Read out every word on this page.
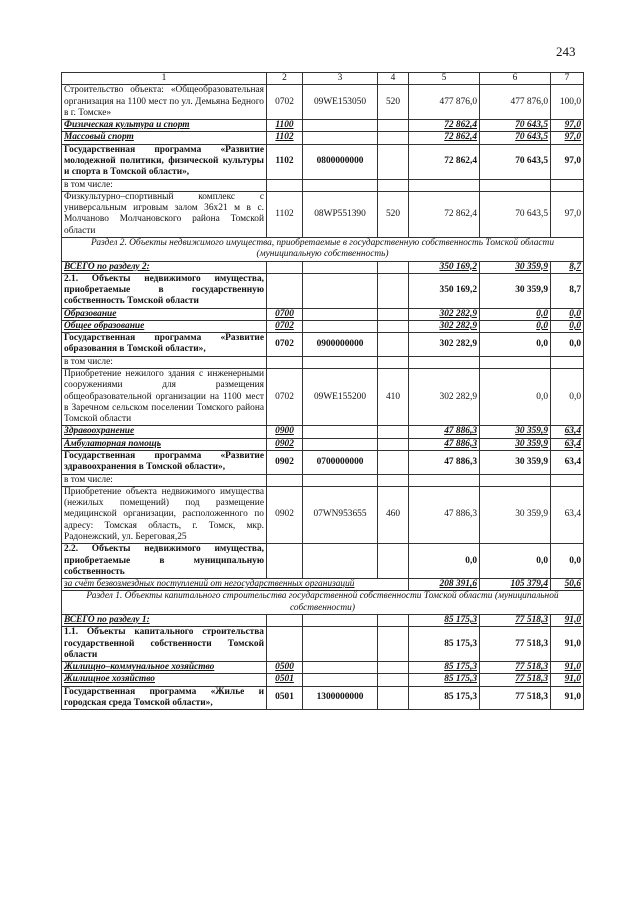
243
1	2	3	4	5	6	7
Строительство объекта: «Общеобразовательная организация на 1100 мест по ул. Демьяна Бедного в г. Томске»	0702	09WE153050	520	477 876,0	477 876,0	100,0
Физическая культура и спорт	1100			72 862,4	70 643,5	97,0
Массовый спорт	1102			72 862,4	70 643,5	97,0
Государственная программа «Развитие молодежной политики, физической культуры и спорта в Томской области»,	1102	0800000000		72 862,4	70 643,5	97,0
в том числе:						
Физкультурно–спортивный комплекс с универсальным игровым залом 36x21 м в с. Молчаново Молчановского района Томской области	1102	08WP551390	520	72 862,4	70 643,5	97,0
Раздел 2. Объекты недвижимого имущества, приобретаемые в государственную собственность Томской области (муниципальную собственность)						
ВСЕГО по разделу 2:				350 169,2	30 359,9	8,7
2.1. Объекты недвижимого имущества, приобретаемые в государственную собственность Томской области				350 169,2	30 359,9	8,7
Образование	0700			302 282,9	0,0	0,0
Общее образование	0702			302 282,9	0,0	0,0
Государственная программа «Развитие образования в Томской области»,	0702	0900000000		302 282,9	0,0	0,0
в том числе:						
Приобретение нежилого здания с инженерными сооружениями для размещения общеобразовательной организации на 1100 мест в Заречном сельском поселении Томского района Томской области	0702	09WE155200	410	302 282,9	0,0	0,0
Здравоохранение	0900			47 886,3	30 359,9	63,4
Амбулаторная помощь	0902			47 886,3	30 359,9	63,4
Государственная программа «Развитие здравоохранения в Томской области»,	0902	0700000000		47 886,3	30 359,9	63,4
в том числе:						
Приобретение объекта недвижимого имущества (нежилых помещений) под размещение медицинской организации, расположенного по адресу: Томская область, г. Томск, мкр. Радонежский, ул. Береговая,25	0902	07WN953655	460	47 886,3	30 359,9	63,4
2.2. Объекты недвижимого имущества, приобретаемые в муниципальную собственность				0,0	0,0	0,0
за счёт безвозмездных поступлений от негосударственных организаций				208 391,6	105 379,4	50,6
Раздел 1. Объекты капитального строительства государственной собственности Томской области (муниципальной собственности)						
ВСЕГО по разделу 1:				85 175,3	77 518,3	91,0
1.1. Объекты капитального строительства государственной собственности Томской области				85 175,3	77 518,3	91,0
Жилищно–коммунальное хозяйство	0500			85 175,3	77 518,3	91,0
Жилищное хозяйство	0501			85 175,3	77 518,3	91,0
Государственная программа «Жилье и городская среда Томской области»,	0501	1300000000		85 175,3	77 518,3	91,0
